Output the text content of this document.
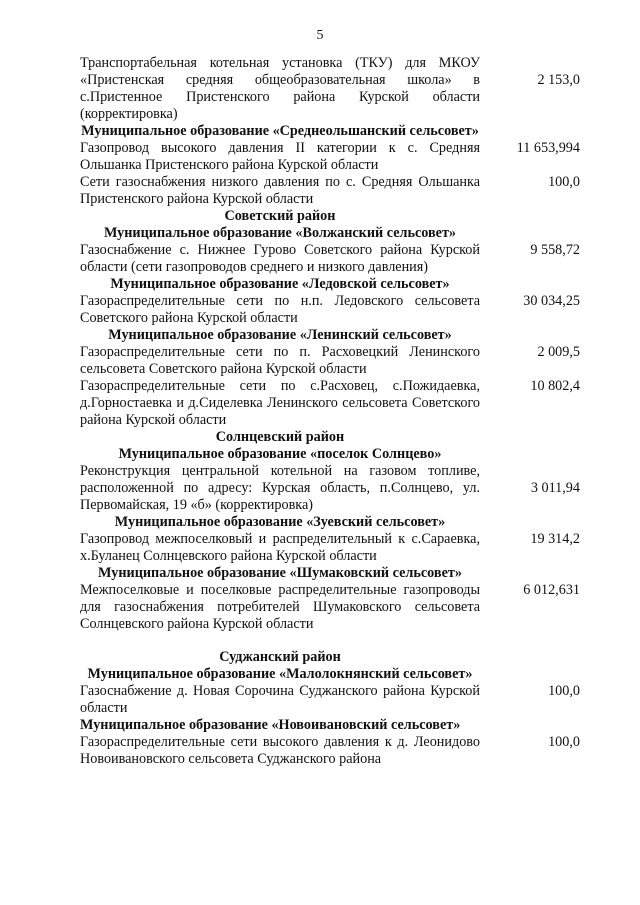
5
Транспортабельная котельная установка (ТКУ) для МКОУ «Пристенская средняя общеобразовательная школа» в с.Пристенное Пристенского района Курской области (корректировка)
2 153,0
Муниципальное образование «Среднеольшанский сельсовет»
Газопровод высокого давления II категории к с. Средняя Ольшанка Пристенского района Курской области
11 653,994
Сети газоснабжения низкого давления по с. Средняя Ольшанка Пристенского района Курской области
100,0
Советский район
Муниципальное образование «Волжанский сельсовет»
Газоснабжение с. Нижнее Гурово Советского района Курской области (сети газопроводов среднего и низкого давления)
9 558,72
Муниципальное образование «Ледовской сельсовет»
Газораспределительные сети по н.п. Ледовского сельсовета Советского района Курской области
30 034,25
Муниципальное образование «Ленинский сельсовет»
Газораспределительные сети по п. Расховецкий Ленинского сельсовета Советского района Курской области
2 009,5
Газораспределительные сети по с.Расховец, с.Пожидаевка, д.Горностаевка и д.Сиделевка Ленинского сельсовета Советского района Курской области
10 802,4
Солнцевский район
Муниципальное образование «поселок Солнцево»
Реконструкция центральной котельной на газовом топливе, расположенной по адресу: Курская область, п.Солнцево, ул. Первомайская, 19 «б» (корректировка)
3 011,94
Муниципальное образование «Зуевский сельсовет»
Газопровод межпоселковый и распределительный к с.Сараевка, х.Буланец Солнцевского района Курской области
19 314,2
Муниципальное образование «Шумаковский сельсовет»
Межпоселковые и поселковые распределительные газопроводы для газоснабжения потребителей Шумаковского сельсовета Солнцевского района Курской области
6 012,631
Суджанский район
Муниципальное образование «Малолокнянский сельсовет»
Газоснабжение д. Новая Сорочина Суджанского района Курской области
100,0
Муниципальное образование «Новоивановский сельсовет»
Газораспределительные сети высокого давления к д. Леонидово Новоивановского сельсовета Суджанского района
100,0
